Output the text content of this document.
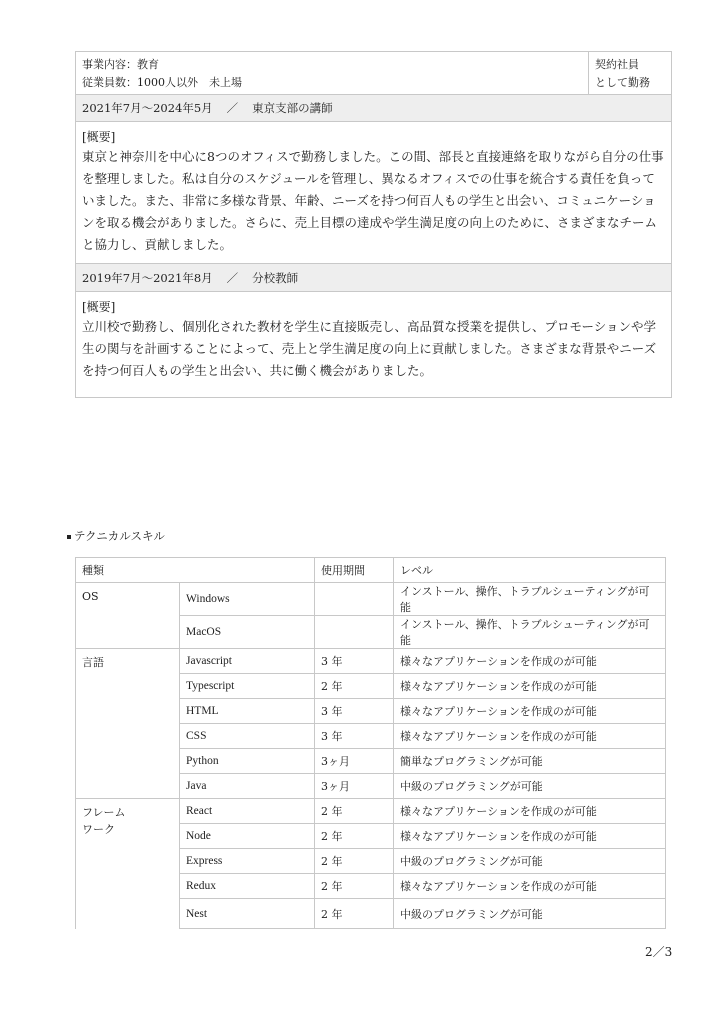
事業内容：教育
従業員数：1000人以外　未上場
契約社員
として勤務
2021年7月～2024年5月 ／ 東京支部の講師
[概要]
東京と神奈川を中心に8つのオフィスで勤務しました。この間、部長と直接連絡を取りながら自分の仕事を整理しました。私は自分のスケジュールを管理し、異なるオフィスでの仕事を統合する責任を負っていました。また、非常に多様な背景、年齢、ニーズを持つ何百人もの学生と出会い、コミュニケーションを取る機会がありました。さらに、売上目標の達成や学生満足度の向上のために、さまざまなチームと協力し、貢献しました。
2019年7月～2021年8月 ／ 分校教師
[概要]
立川校で勤務し、個別化された教材を学生に直接販売し、高品質な授業を提供し、プロモーションや学生の関与を計画することによって、売上と学生満足度の向上に貢献しました。さまざまな背景やニーズを持つ何百人もの学生と出会い、共に働く機会がありました。
テクニカルスキル
種類		使用期間	レベル
OS	Windows		インストール、操作、トラブルシューティングが可能
	MacOS		インストール、操作、トラブルシューティングが可能
言語	Javascript	3 年	様々なアプリケーションを作成のが可能
	Typescript	2 年	様々なアプリケーションを作成のが可能
	HTML	3 年	様々なアプリケーションを作成のが可能
	CSS	3 年	様々なアプリケーションを作成のが可能
	Python	3ヶ月	簡単なプログラミングが可能
	Java	3ヶ月	中級のプログラミングが可能

フレーム
ワーク	React	2 年	様々なアプリケーションを作成のが可能
	Node	2 年	様々なアプリケーションを作成のが可能
	Express	2 年	中級のプログラミングが可能
	Redux	2 年	様々なアプリケーションを作成のが可能
	Nest	2 年	中級のプログラミングが可能
2／3
